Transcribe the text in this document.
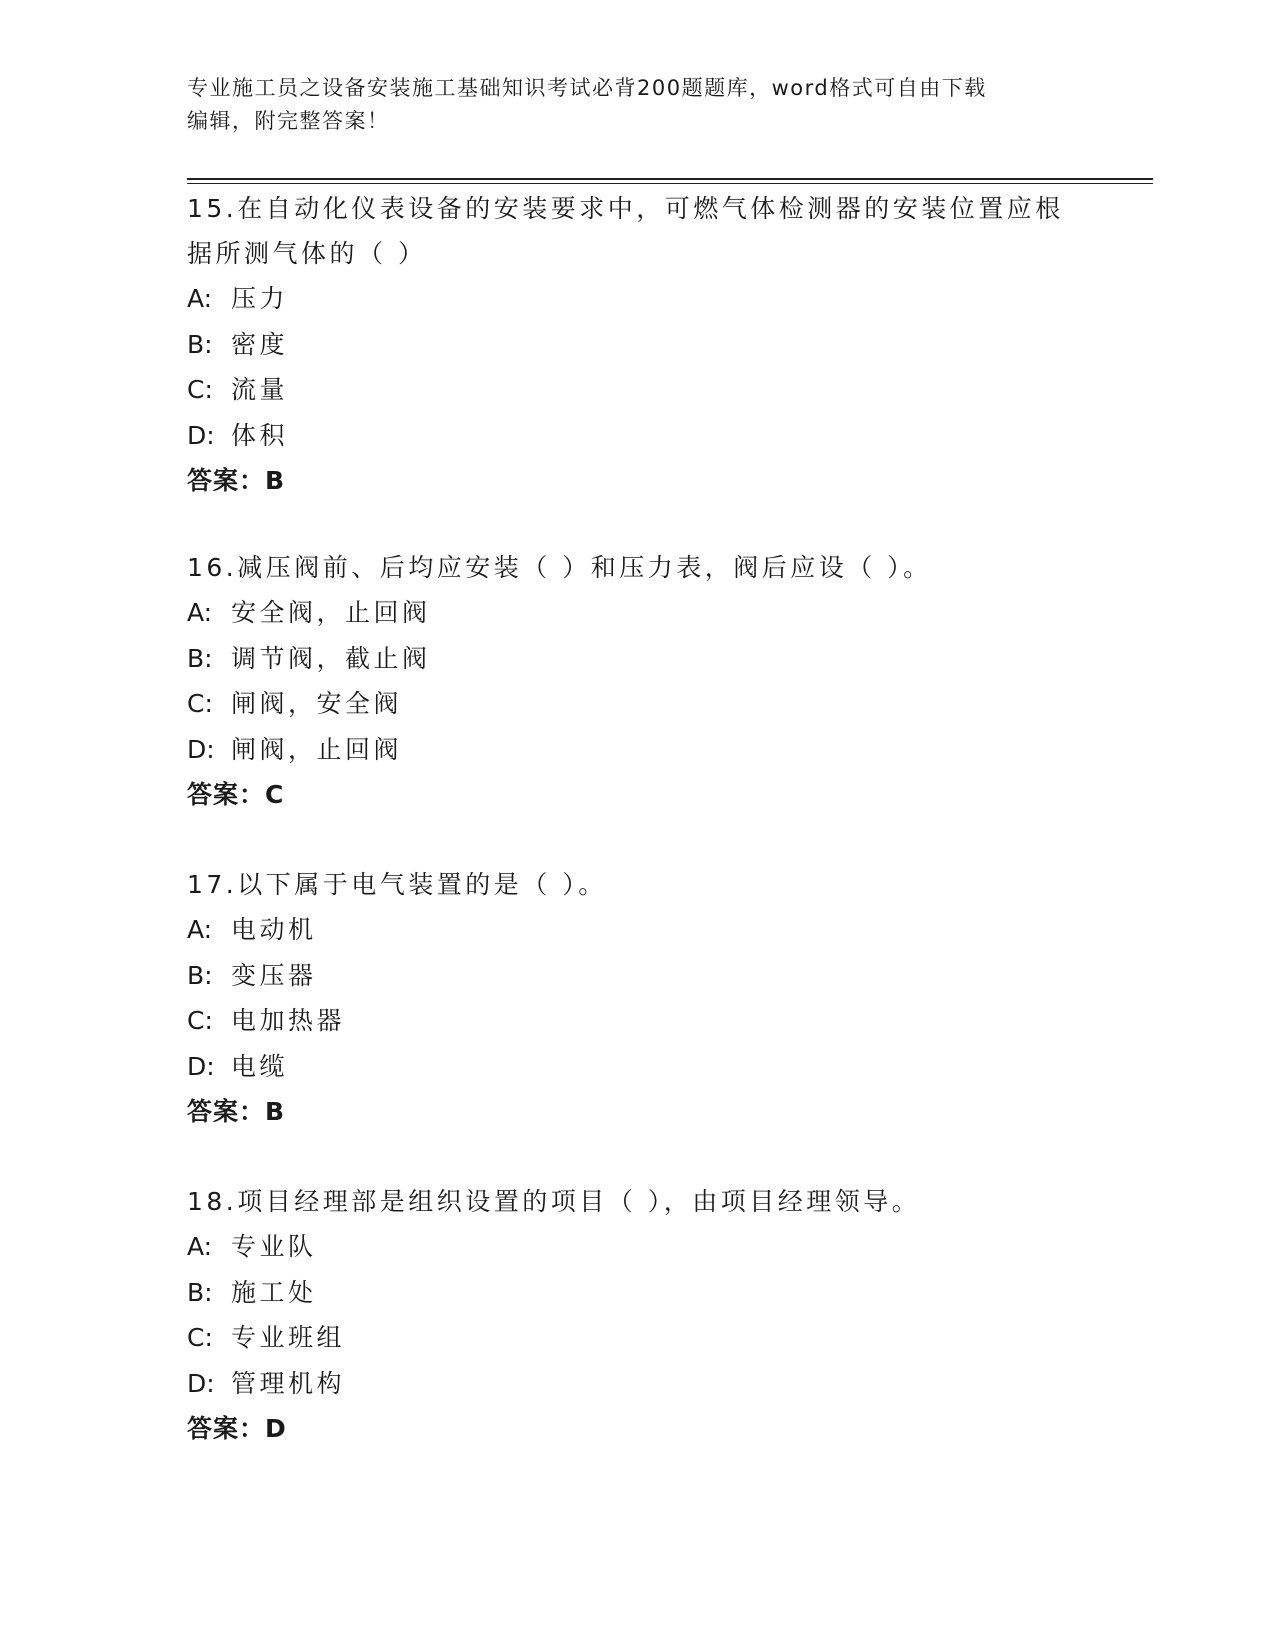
专业施工员之设备安装施工基础知识考试必背200题题库，word格式可自由下载
编辑，附完整答案！

15.在自动化仪表设备的安装要求中，可燃气体检测器的安装位置应根

据所测气体的（ ）

A: 压力

B: 密度

C: 流量

D: 体积

答案：B

16.减压阀前、后均应安装（ ）和压力表，阀后应设（ ）。

A: 安全阀，止回阀

B: 调节阀，截止阀

C: 闸阀，安全阀

D: 闸阀，止回阀

答案：C

17.以下属于电气装置的是（ ）。

A: 电动机

B: 变压器

C: 电加热器

D: 电缆

答案：B

18.项目经理部是组织设置的项目（ ），由项目经理领导。

A: 专业队

B: 施工处

C: 专业班组

D: 管理机构

答案：D
